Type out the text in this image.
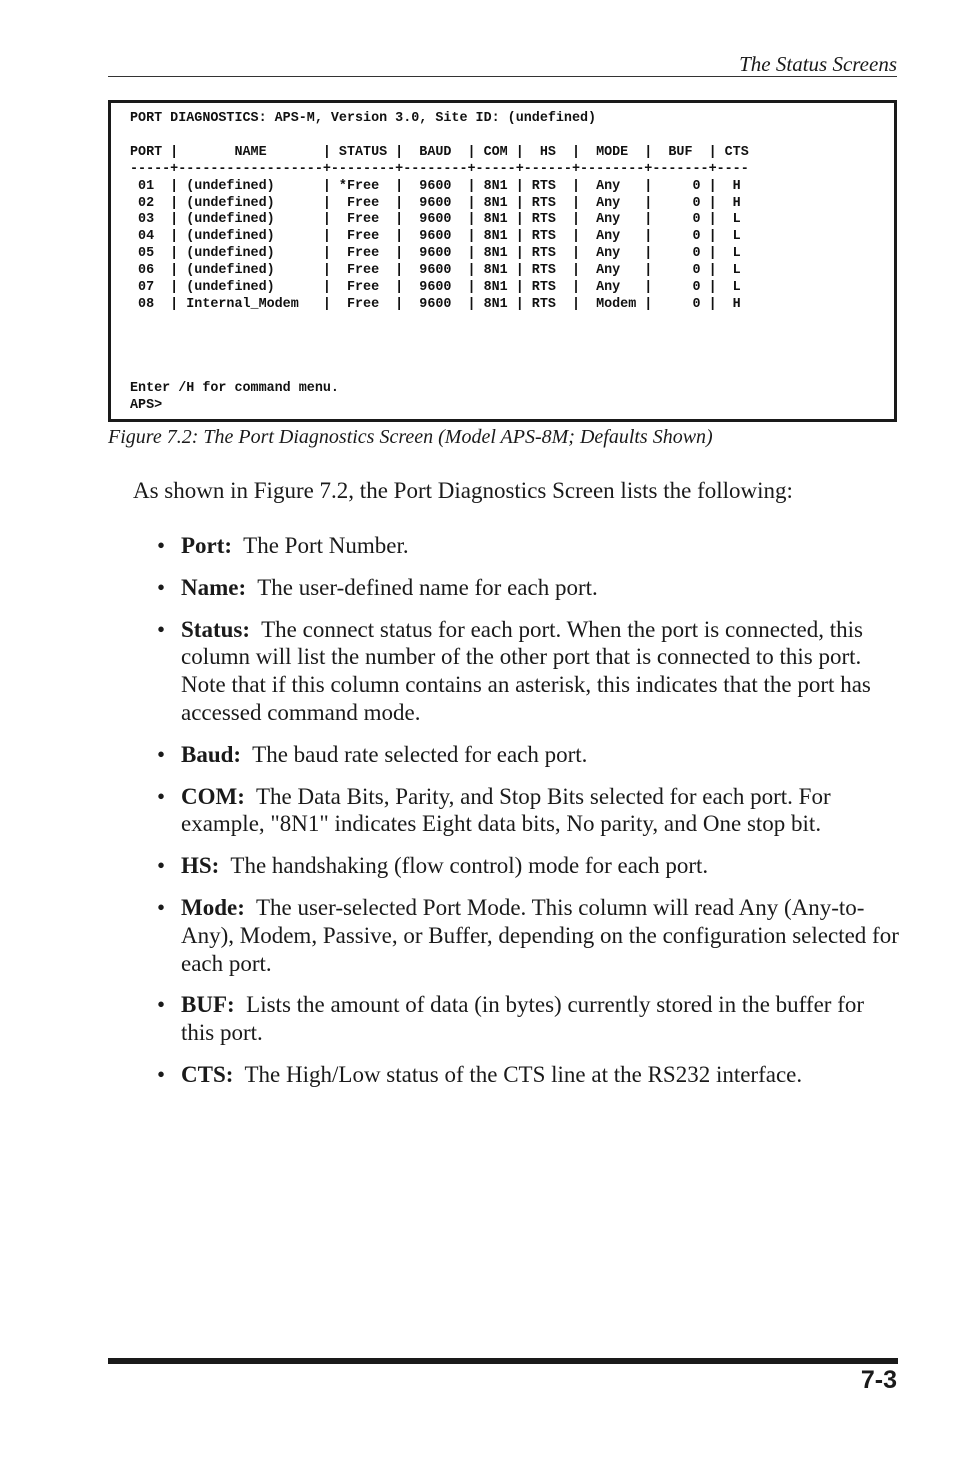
The Status Screens
PORT DIAGNOSTICS: APS-M, Version 3.0, Site ID: (undefined)
PORT |       NAME       | STATUS |  BAUD  | COM |  HS  |  MODE  |  BUF  | CTS
-----+------------------+--------+--------+-----+------+--------+-------+----
01  | (undefined)      | *Free  |  9600  | 8N1 | RTS  |  Any   |     0 |  H
02  | (undefined)      |  Free  |  9600  | 8N1 | RTS  |  Any   |     0 |  H
03  | (undefined)      |  Free  |  9600  | 8N1 | RTS  |  Any   |     0 |  L
04  | (undefined)      |  Free  |  9600  | 8N1 | RTS  |  Any   |     0 |  L
05  | (undefined)      |  Free  |  9600  | 8N1 | RTS  |  Any   |     0 |  L
06  | (undefined)      |  Free  |  9600  | 8N1 | RTS  |  Any   |     0 |  L
07  | (undefined)      |  Free  |  9600  | 8N1 | RTS  |  Any   |     0 |  L
08  | Internal_Modem   |  Free  |  9600  | 8N1 | RTS  |  Modem |     0 |  H
Enter /H for command menu.
APS>
Figure 7.2: The Port Diagnostics Screen (Model APS-8M; Defaults Shown)
As shown in Figure 7.2, the Port Diagnostics Screen lists the following:
• Port:  The Port Number.
• Name:  The user-defined name for each port.
• Status:  The connect status for each port. When the port is connected, this column will list the number of the other port that is connected to this port. Note that if this column contains an asterisk, this indicates that the port has accessed command mode.
• Baud:  The baud rate selected for each port.
• COM:  The Data Bits, Parity, and Stop Bits selected for each port. For example, "8N1" indicates Eight data bits, No parity, and One stop bit.
• HS:  The handshaking (flow control) mode for each port.
• Mode:  The user-selected Port Mode. This column will read Any (Any-to-Any), Modem, Passive, or Buffer, depending on the configuration selected for each port.
• BUF:  Lists the amount of data (in bytes) currently stored in the buffer for this port.
• CTS:  The High/Low status of the CTS line at the RS232 interface.
7-3
